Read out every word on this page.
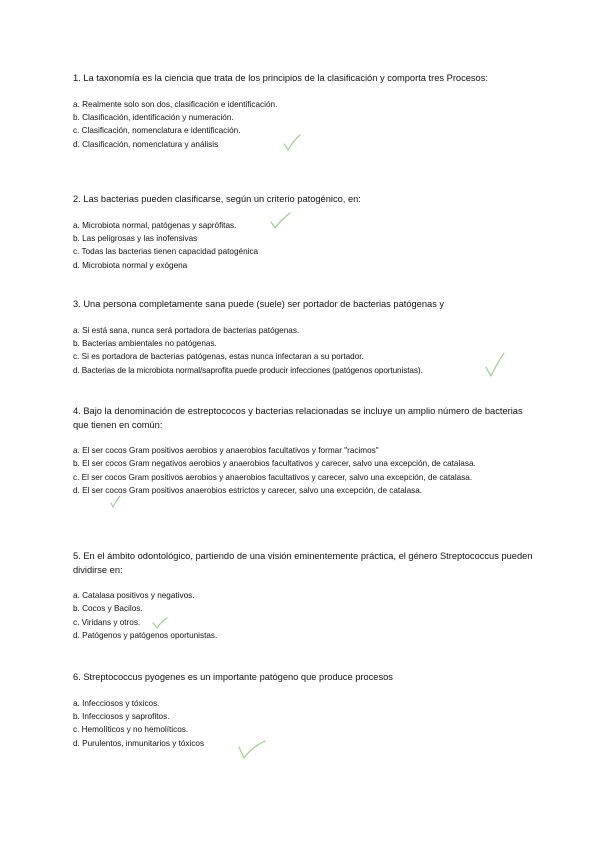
1. La taxonomía es la ciencia que trata de los principios de la clasificación y comporta tres Procesos:

a. Realmente solo son dos, clasificación e identificación.
b. Clasificación, identificación y numeración.
c. Clasificación, nomenclatura e identificación.
d. Clasificación, nomenclatura y análisis

2. Las bacterias pueden clasificarse, según un criterio patogénico, en:

a. Microbiota normal, patógenas y saprófitas.
b. Las peligrosas y las inofensivas
c. Todas las bacterias tienen capacidad patogénica
d. Microbiota normal y exógena

3. Una persona completamente sana puede (suele) ser portador de bacterias patógenas y

a. Si está sana, nunca será portadora de bacterias patógenas.
b. Bacterias ambientales no patógenas.
c. Si es portadora de bacterias patógenas, estas nunca infectaran a su portador.
d. Bacterias de la microbiota normal/saprofita puede producir infecciones (patógenos oportunistas).

4. Bajo la denominación de estreptococos y bacterias relacionadas se incluye un amplio número de bacterias que tienen en común:

a. El ser cocos Gram positivos aerobios y anaerobios facultativos y formar "racimos"
b. El ser cocos Gram negativos aerobios y anaerobios facultativos y carecer, salvo una excepción, de catalasa.
c. El ser cocos Gram positivos aerobios y anaerobios facultativos y carecer, salvo una excepción, de catalasa.
d. El ser cocos Gram positivos anaerobios estrictos y carecer, salvo una excepción, de catalasa.

5. En el ámbito odontológico, partiendo de una visión eminentemente práctica, el género Streptococcus pueden dividirse en:

a. Catalasa positivos y negativos.
b. Cocos y Bacilos.
c. Viridans y otros.
d. Patógenos y patógenos oportunistas.

6. Streptococcus pyogenes es un importante patógeno que produce procesos

a. Infecciosos y tóxicos.
b. Infecciosos y saprofitos.
c. Hemolíticos y no hemolíticos.
d. Purulentos, inmunitarios y tóxicos
